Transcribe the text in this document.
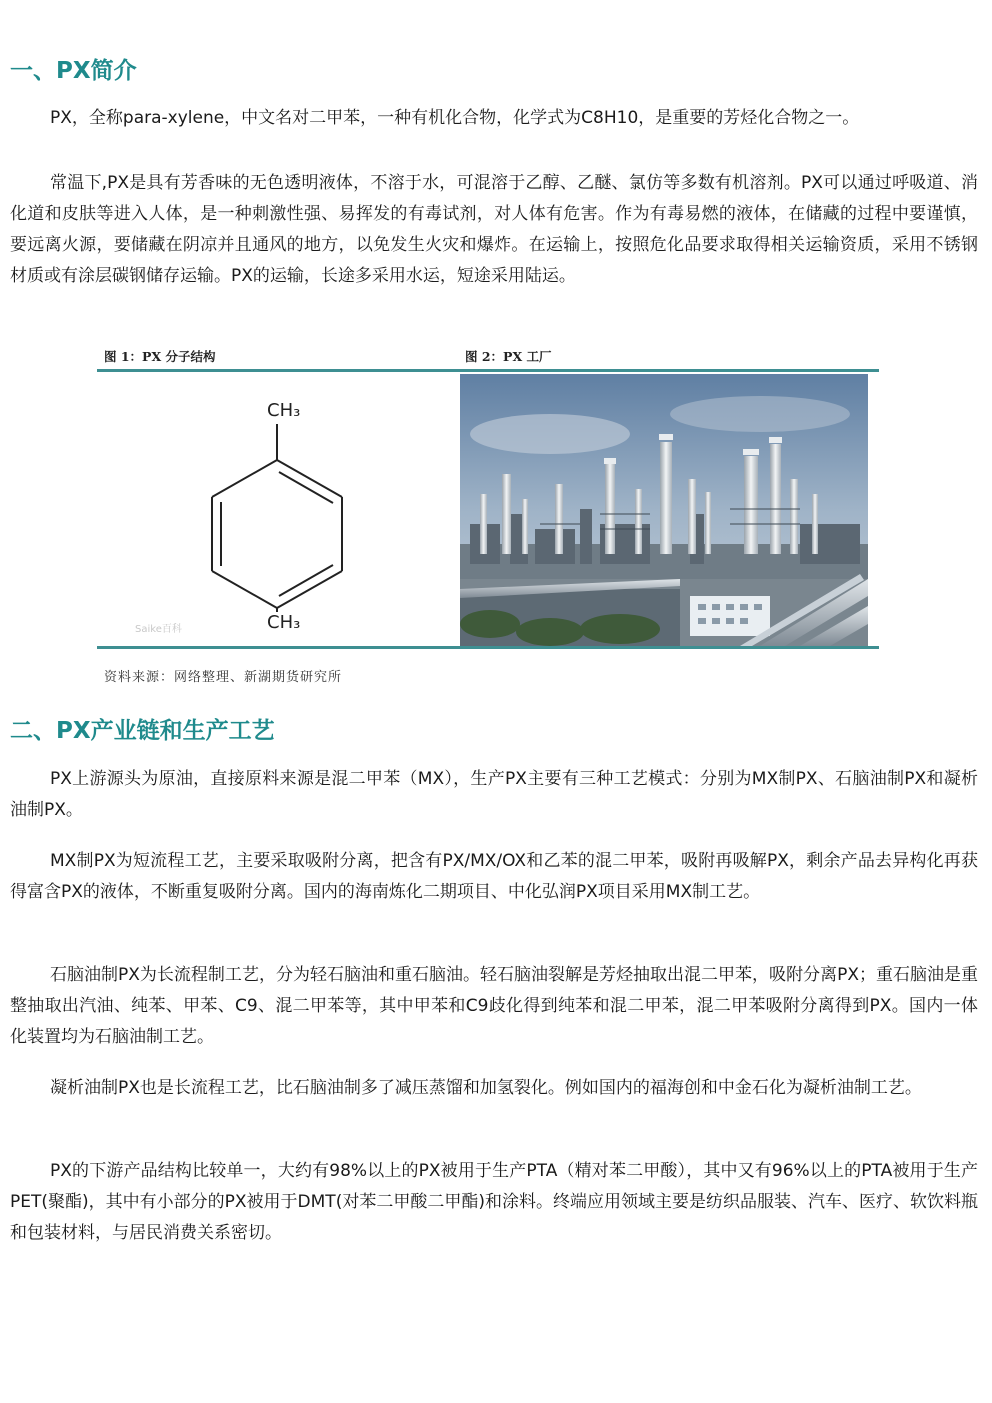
一、PX简介

PX，全称para-xylene，中文名对二甲苯，一种有机化合物，化学式为C8H10，是重要的芳烃化合物之一。

常温下,PX是具有芳香味的无色透明液体，不溶于水，可混溶于乙醇、乙醚、氯仿等多数有机溶剂。PX可以通过呼吸道、消化道和皮肤等进入人体，是一种刺激性强、易挥发的有毒试剂，对人体有危害。作为有毒易燃的液体，在储藏的过程中要谨慎，要远离火源，要储藏在阴凉并且通风的地方，以免发生火灾和爆炸。在运输上，按照危化品要求取得相关运输资质，采用不锈钢材质或有涂层碳钢储存运输。PX的运输，长途多采用水运，短途采用陆运。

图 1：PX 分子结构	图 2：PX 工厂
CH₃
CH₃
Saike百科
资料来源：网络整理、新湖期货研究所
二、PX产业链和生产工艺

PX上游源头为原油，直接原料来源是混二甲苯（MX），生产PX主要有三种工艺模式：分别为MX制PX、石脑油制PX和凝析油制PX。

MX制PX为短流程工艺，主要采取吸附分离，把含有PX/MX/OX和乙苯的混二甲苯，吸附再吸解PX，剩余产品去异构化再获得富含PX的液体，不断重复吸附分离。国内的海南炼化二期项目、中化弘润PX项目采用MX制工艺。

石脑油制PX为长流程制工艺，分为轻石脑油和重石脑油。轻石脑油裂解是芳烃抽取出混二甲苯，吸附分离PX；重石脑油是重整抽取出汽油、纯苯、甲苯、C9、混二甲苯等，其中甲苯和C9歧化得到纯苯和混二甲苯，混二甲苯吸附分离得到PX。国内一体化装置均为石脑油制工艺。

凝析油制PX也是长流程工艺，比石脑油制多了减压蒸馏和加氢裂化。例如国内的福海创和中金石化为凝析油制工艺。

PX的下游产品结构比较单一，大约有98%以上的PX被用于生产PTA（精对苯二甲酸），其中又有96%以上的PTA被用于生产PET(聚酯)，其中有小部分的PX被用于DMT(对苯二甲酸二甲酯)和涂料。终端应用领域主要是纺织品服装、汽车、医疗、软饮料瓶和包装材料，与居民消费关系密切。
